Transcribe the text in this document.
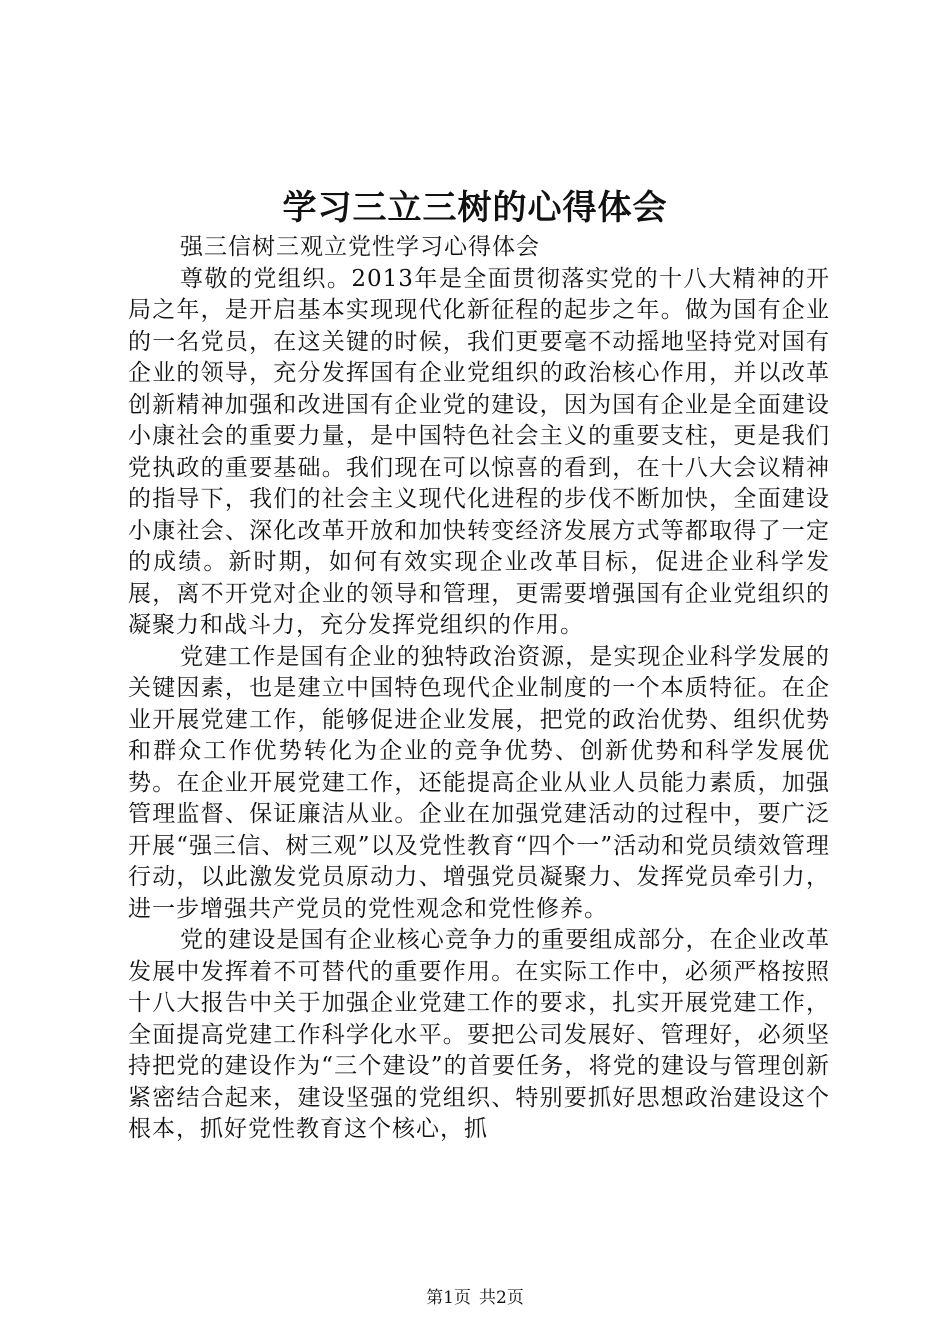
学习三立三树的心得体会

强三信树三观立党性学习心得体会

尊敬的党组织。2013年是全面贯彻落实党的十八大精神的开局之年，是开启基本实现现代化新征程的起步之年。做为国有企业的一名党员，在这关键的时候，我们更要毫不动摇地坚持党对国有企业的领导，充分发挥国有企业党组织的政治核心作用，并以改革创新精神加强和改进国有企业党的建设，因为国有企业是全面建设小康社会的重要力量，是中国特色社会主义的重要支柱，更是我们党执政的重要基础。我们现在可以惊喜的看到，在十八大会议精神的指导下，我们的社会主义现代化进程的步伐不断加快，全面建设小康社会、深化改革开放和加快转变经济发展方式等都取得了一定的成绩。新时期，如何有效实现企业改革目标，促进企业科学发展，离不开党对企业的领导和管理，更需要增强国有企业党组织的凝聚力和战斗力，充分发挥党组织的作用。

党建工作是国有企业的独特政治资源，是实现企业科学发展的关键因素，也是建立中国特色现代企业制度的一个本质特征。在企业开展党建工作，能够促进企业发展，把党的政治优势、组织优势和群众工作优势转化为企业的竞争优势、创新优势和科学发展优势。在企业开展党建工作，还能提高企业从业人员能力素质，加强管理监督、保证廉洁从业。企业在加强党建活动的过程中，要广泛开展“强三信、树三观”以及党性教育“四个一”活动和党员绩效管理行动，以此激发党员原动力、增强党员凝聚力、发挥党员牵引力，进一步增强共产党员的党性观念和党性修养。

党的建设是国有企业核心竞争力的重要组成部分，在企业改革发展中发挥着不可替代的重要作用。在实际工作中，必须严格按照十八大报告中关于加强企业党建工作的要求，扎实开展党建工作，全面提高党建工作科学化水平。要把公司发展好、管理好，必须坚持把党的建设作为“三个建设”的首要任务，将党的建设与管理创新紧密结合起来，建设坚强的党组织、特别要抓好思想政治建设这个根本，抓好党性教育这个核心，抓

第1页 共2页
